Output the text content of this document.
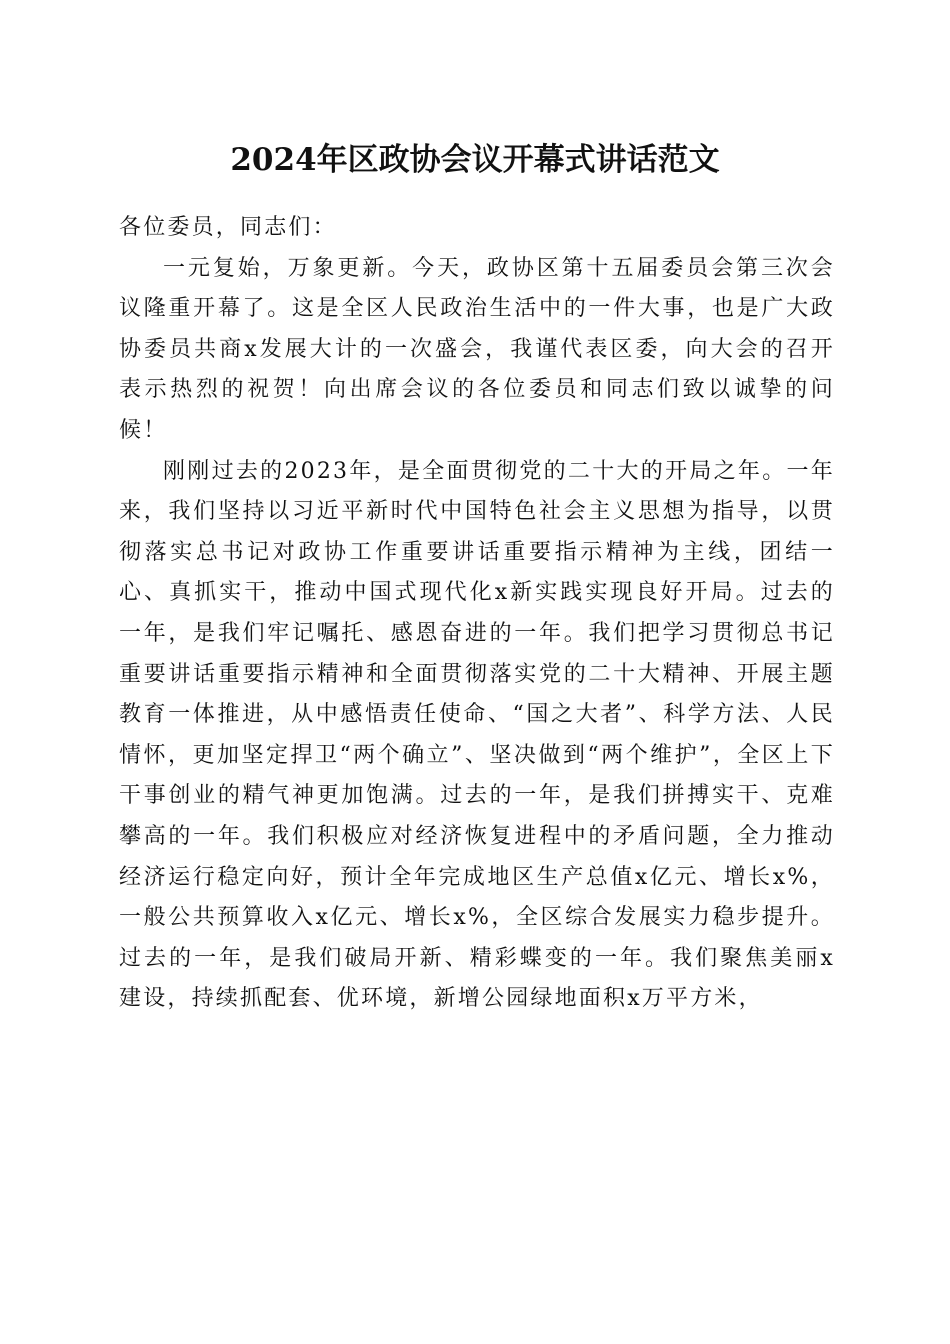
2024年区政协会议开幕式讲话范文

各位委员，同志们：

一元复始，万象更新。今天，政协区第十五届委员会第三次会议隆重开幕了。这是全区人民政治生活中的一件大事，也是广大政协委员共商x发展大计的一次盛会，我谨代表区委，向大会的召开表示热烈的祝贺！向出席会议的各位委员和同志们致以诚挚的问候！

刚刚过去的2023年，是全面贯彻党的二十大的开局之年。一年来，我们坚持以习近平新时代中国特色社会主义思想为指导，以贯彻落实总书记对政协工作重要讲话重要指示精神为主线，团结一心、真抓实干，推动中国式现代化x新实践实现良好开局。过去的一年，是我们牢记嘱托、感恩奋进的一年。我们把学习贯彻总书记重要讲话重要指示精神和全面贯彻落实党的二十大精神、开展主题教育一体推进，从中感悟责任使命、“国之大者”、科学方法、人民情怀，更加坚定捍卫“两个确立”、坚决做到“两个维护”，全区上下干事创业的精气神更加饱满。过去的一年，是我们拼搏实干、克难攀高的一年。我们积极应对经济恢复进程中的矛盾问题，全力推动经济运行稳定向好，预计全年完成地区生产总值x亿元、增长x%，一般公共预算收入x亿元、增长x%，全区综合发展实力稳步提升。过去的一年，是我们破局开新、精彩蝶变的一年。我们聚焦美丽x建设，持续抓配套、优环境，新增公园绿地面积x万平方米，
